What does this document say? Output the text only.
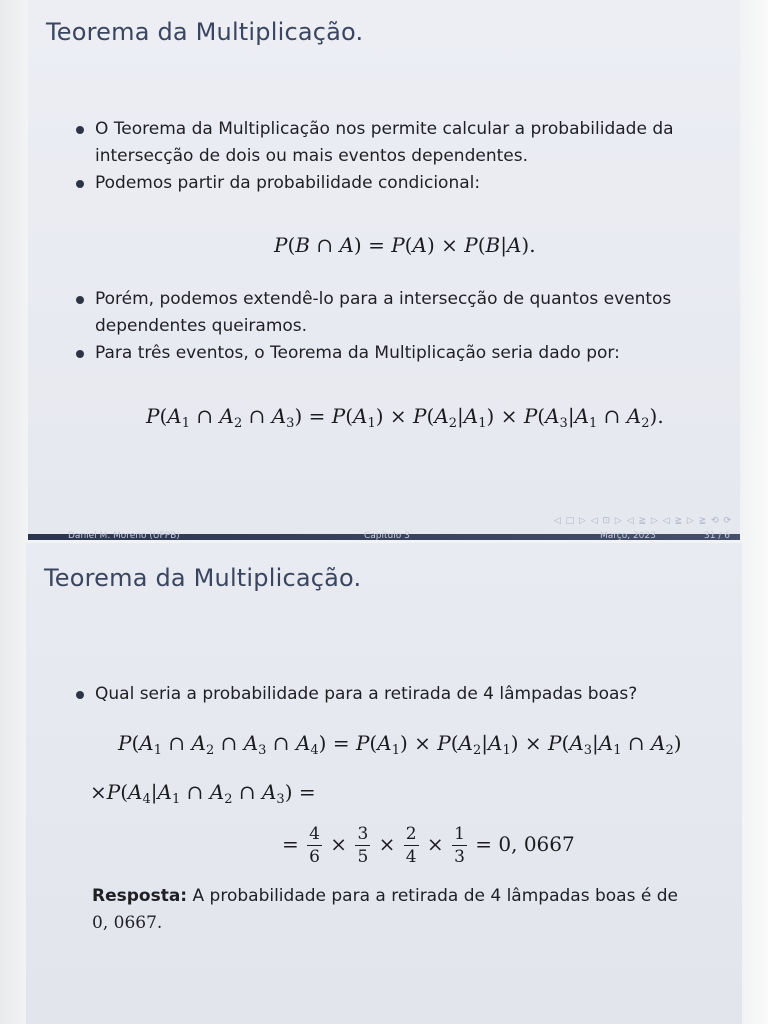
Teorema da Multiplicação.
O Teorema da Multiplicação nos permite calcular a probabilidade da intersecção de dois ou mais eventos dependentes.
Podemos partir da probabilidade condicional:
P(B ∩ A) = P(A) × P(B|A).
Porém, podemos extendê-lo para a intersecção de quantos eventos dependentes queiramos.
Para três eventos, o Teorema da Multiplicação seria dado por:
$P(A_1$ ∩ $A_2$ ∩ $A_3) = P(A_1) \times P(A_2|A_1) \times P(A_3|A_1$ ∩ $A_2$).
◁ □ ▷ ◁ ⊡ ▷ ◁ ≧ ▷ ◁ ≧ ▷ ≧ ⟲ ⟳
Daniel M. Moreno (UFPB)	Capítulo 3	Março, 2023	31 / 6
Teorema da Multiplicação.
Qual seria a probabilidade para a retirada de 4 lâmpadas boas?
$P(A_1$ ∩ $A_2$ ∩ $A_3$ ∩ $A_4) = P(A_1) \times P(A_2|A_1) \times P(A_3|A_1$ ∩ $A_2$)
$\times P(A_4|A_1$ ∩ $A_2$ ∩ $A_3$) =
= $\frac{4}{6} \times \frac{3}{5} \times \frac{2}{4} \times \frac{1}{3} = 0$, 0667

Resposta: A probabilidade para a retirada de 4 lâmpadas boas é de
0, 0667.
